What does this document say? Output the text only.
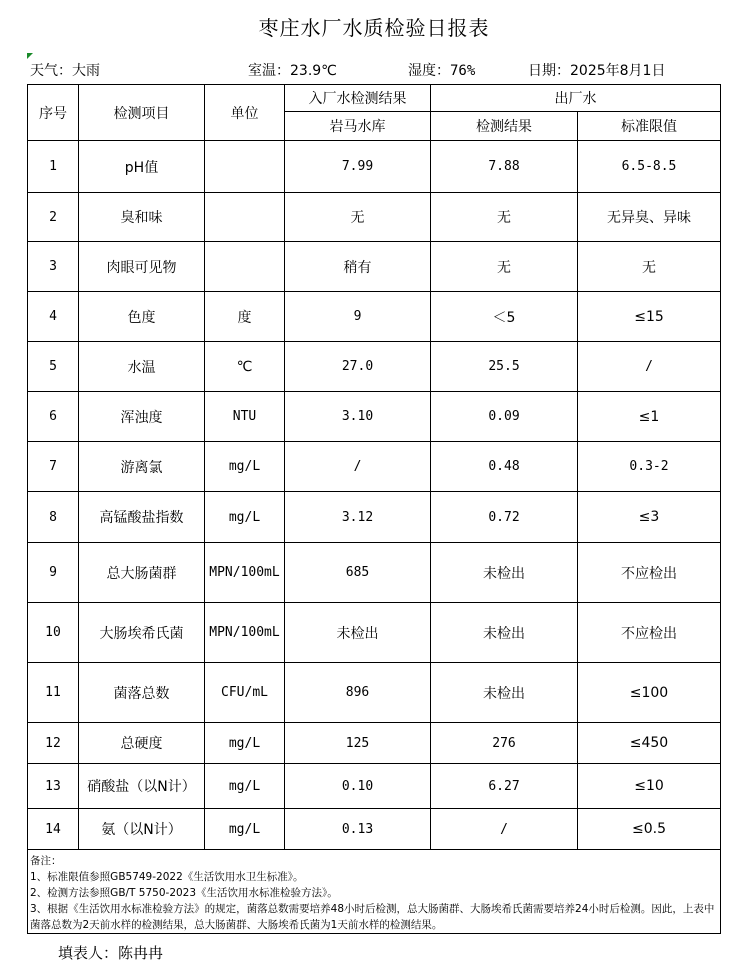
枣庄水厂水质检验日报表
天气：大雨	室温：23.9℃	湿度：76%	日期：2025年8月1日
序号	检测项目	单位	入厂水检测结果	出厂水	
			岩马水库	检测结果	标准限值
1	pH值		7.99	7.88	6.5-8.5
2	臭和味		无	无	无异臭、异味
3	肉眼可见物		稍有	无	无
4	色度	度	9	＜5	≤15
5	水温	℃	27.0	25.5	/
6	浑浊度	NTU	3.10	0.09	≤1
7	游离氯	mg/L	/	0.48	0.3-2
8	高锰酸盐指数	mg/L	3.12	0.72	≤3
9	总大肠菌群	MPN/100mL	685	未检出	不应检出
10	大肠埃希氏菌	MPN/100mL	未检出	未检出	不应检出
11	菌落总数	CFU/mL	896	未检出	≤100
12	总硬度	mg/L	125	276	≤450
13	硝酸盐（以N计）	mg/L	0.10	6.27	≤10
14	氨（以N计）	mg/L	0.13	/	≤0.5

备注：
1、标准限值参照GB5749-2022《生活饮用水卫生标准》。
2、检测方法参照GB/T 5750-2023《生活饮用水标准检验方法》。
3、根据《生活饮用水标准检验方法》的规定，菌落总数需要培养48小时后检测，总大肠菌群、大肠埃希氏菌需要培养24小时后检测。因此，上表中菌落总数为2天前水样的检测结果，总大肠菌群、大肠埃希氏菌为1天前水样的检测结果。					
填表人：陈冉冉
